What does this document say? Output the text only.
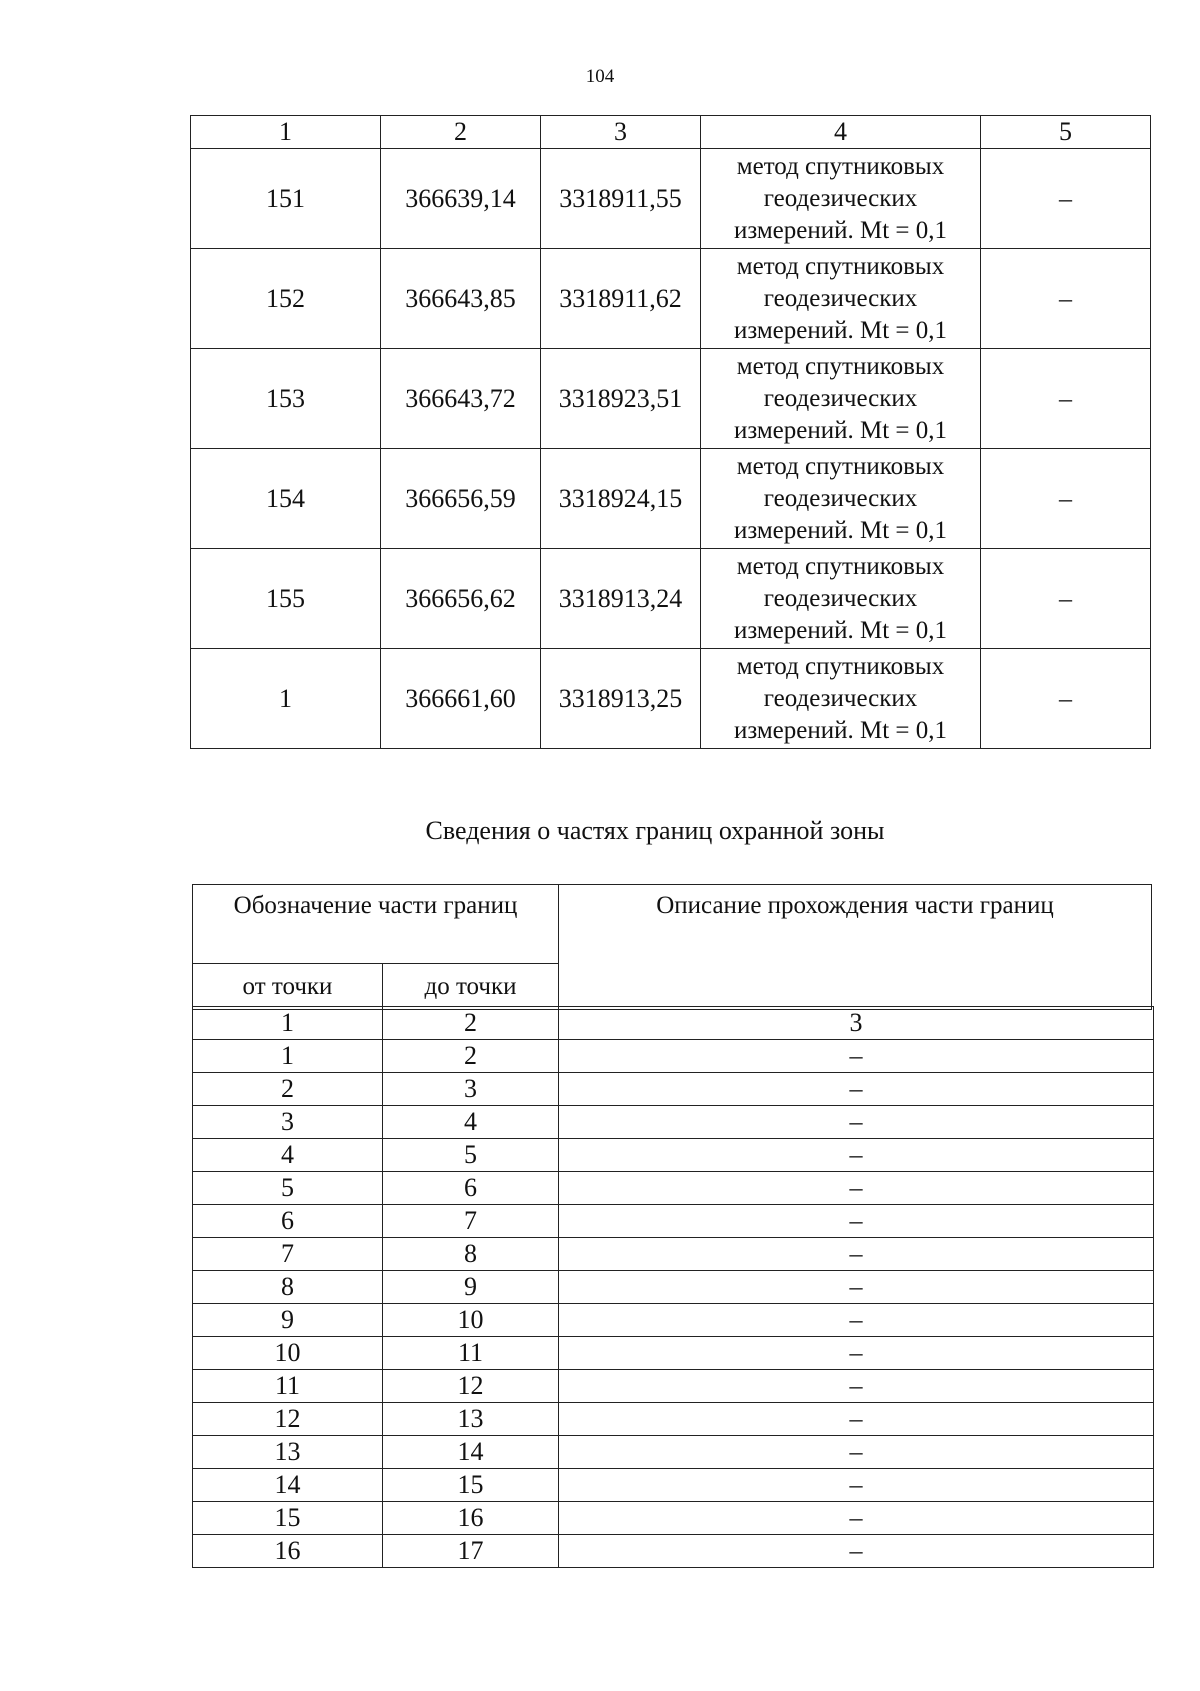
104
1	2	3	4	5
151	366639,14	3318911,55	метод спутниковых
геодезических
измерений. Mt = 0,1	–
152	366643,85	3318911,62	метод спутниковых
геодезических
измерений. Mt = 0,1	–
153	366643,72	3318923,51	метод спутниковых
геодезических
измерений. Mt = 0,1	–
154	366656,59	3318924,15	метод спутниковых
геодезических
измерений. Mt = 0,1	–
155	366656,62	3318913,24	метод спутниковых
геодезических
измерений. Mt = 0,1	–
1	366661,60	3318913,25	метод спутниковых
геодезических
измерений. Mt = 0,1	–
Сведения о частях границ охранной зоны
Обозначение части границ		Описание прохождения части границ
от точки	до точки	
1	2	3
1	2	–
2	3	–
3	4	–
4	5	–
5	6	–
6	7	–
7	8	–
8	9	–
9	10	–
10	11	–
11	12	–
12	13	–
13	14	–
14	15	–
15	16	–
16	17	–
